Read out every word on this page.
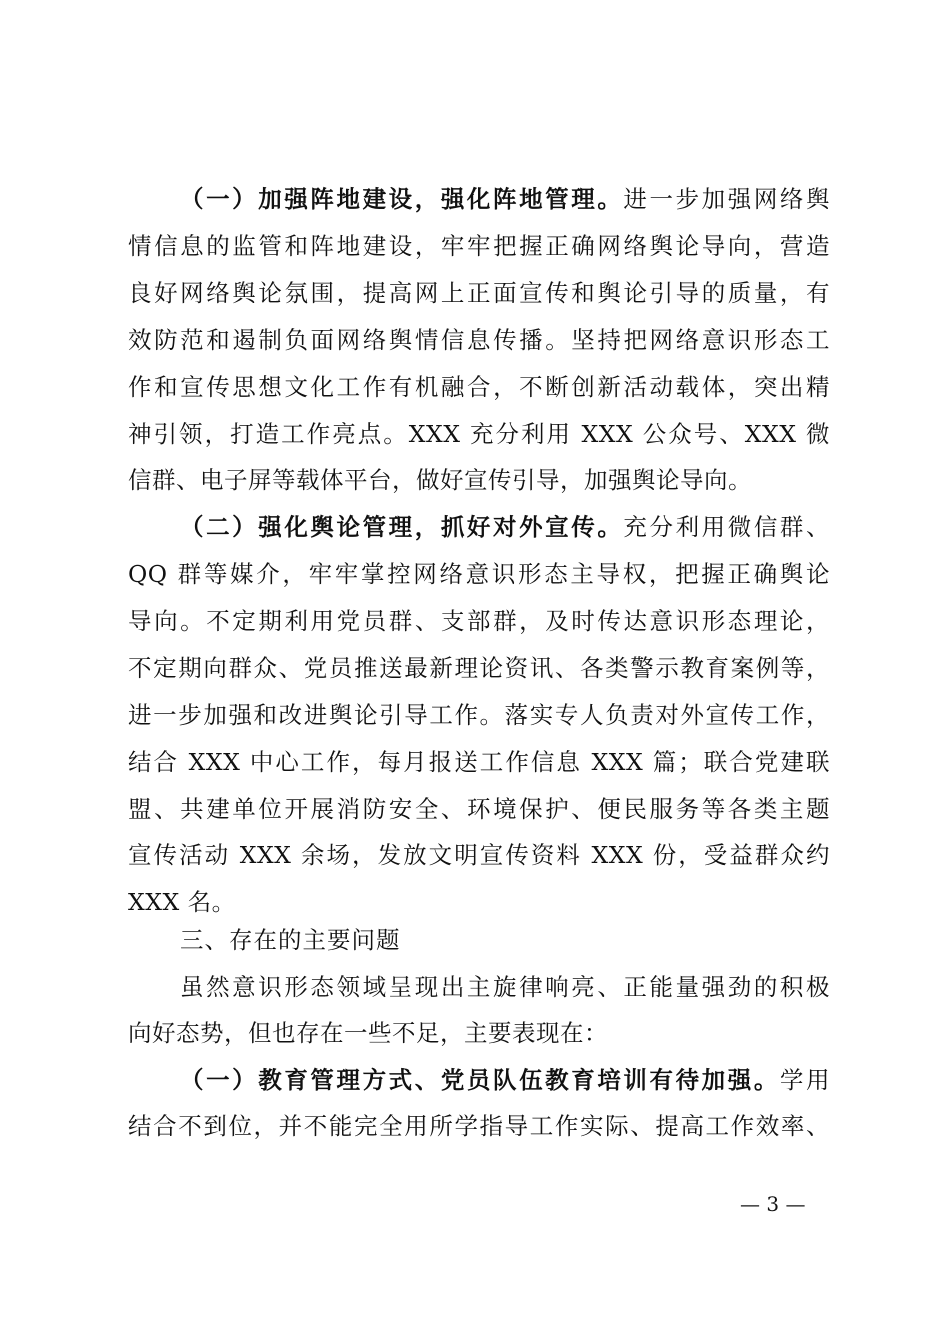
（一）加强阵地建设，强化阵地管理。进一步加强网络舆
情信息的监管和阵地建设，牢牢把握正确网络舆论导向，营造
良好网络舆论氛围，提高网上正面宣传和舆论引导的质量，有
效防范和遏制负面网络舆情信息传播。坚持把网络意识形态工
作和宣传思想文化工作有机融合，不断创新活动载体，突出精
神引领，打造工作亮点。XXX 充分利用 XXX 公众号、XXX 微
信群、电子屏等载体平台，做好宣传引导，加强舆论导向。
（二）强化舆论管理，抓好对外宣传。充分利用微信群、
QQ 群等媒介，牢牢掌控网络意识形态主导权，把握正确舆论
导向。不定期利用党员群、支部群，及时传达意识形态理论，
不定期向群众、党员推送最新理论资讯、各类警示教育案例等，
进一步加强和改进舆论引导工作。落实专人负责对外宣传工作，
结合 XXX 中心工作，每月报送工作信息 XXX 篇；联合党建联
盟、共建单位开展消防安全、环境保护、便民服务等各类主题
宣传活动 XXX 余场，发放文明宣传资料 XXX 份，受益群众约
XXX 名。
三、存在的主要问题
虽然意识形态领域呈现出主旋律响亮、正能量强劲的积极
向好态势，但也存在一些不足，主要表现在：
（一）教育管理方式、党员队伍教育培训有待加强。学用
结合不到位，并不能完全用所学指导工作实际、提高工作效率、
— 3 —
